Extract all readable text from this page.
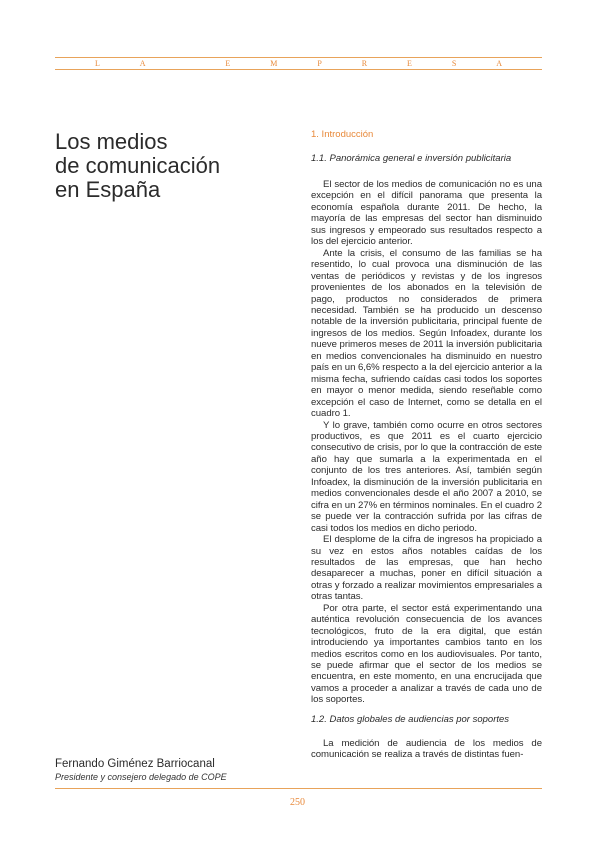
L	A	E	M	P	R	E	S	A
Los medios
de comunicación
en España
Fernando Giménez Barriocanal
Presidente y consejero delegado de COPE
1. Introducción
1.1. Panorámica general e inversión publicitaria

El sector de los medios de comunicación no es una excepción en el difícil panorama que presenta la economía española durante 2011. De hecho, la mayoría de las empresas del sector han disminuido sus ingresos y empeorado sus resultados respecto a los del ejercicio anterior.

Ante la crisis, el consumo de las familias se ha resentido, lo cual provoca una disminución de las ventas de periódicos y revistas y de los ingresos provenientes de los abonados en la televisión de pago, productos no considerados de primera necesidad. También se ha producido un descenso notable de la inversión publicitaria, principal fuente de ingresos de los medios. Según Infoadex, durante los nueve primeros meses de 2011 la inversión publicitaria en medios convencionales ha disminuido en nuestro país en un 6,6% respecto a la del ejercicio anterior a la misma fecha, sufriendo caídas casi todos los soportes en mayor o menor medida, siendo reseñable como excepción el caso de Internet, como se detalla en el cuadro 1.

Y lo grave, también como ocurre en otros sectores productivos, es que 2011 es el cuarto ejercicio consecutivo de crisis, por lo que la contracción de este año hay que sumarla a la experimentada en el conjunto de los tres anteriores. Así, también según Infoadex, la disminución de la inversión publicitaria en medios convencionales desde el año 2007 a 2010, se cifra en un 27% en términos nominales. En el cuadro 2 se puede ver la contracción sufrida por las cifras de casi todos los medios en dicho periodo.

El desplome de la cifra de ingresos ha propiciado a su vez en estos años notables caídas de los resultados de las empresas, que han hecho desaparecer a muchas, poner en difícil situación a otras y forzado a realizar movimientos empresariales a otras tantas.

Por otra parte, el sector está experimentando una auténtica revolución consecuencia de los avances tecnológicos, fruto de la era digital, que están introduciendo ya importantes cambios tanto en los medios escritos como en los audiovisuales. Por tanto, se puede afirmar que el sector de los medios se encuentra, en este momento, en una encrucijada que vamos a proceder a analizar a través de cada uno de los soportes.

1.2. Datos globales de audiencias por soportes

La medición de audiencia de los medios de comunicación se realiza a través de distintas fuen-

250
